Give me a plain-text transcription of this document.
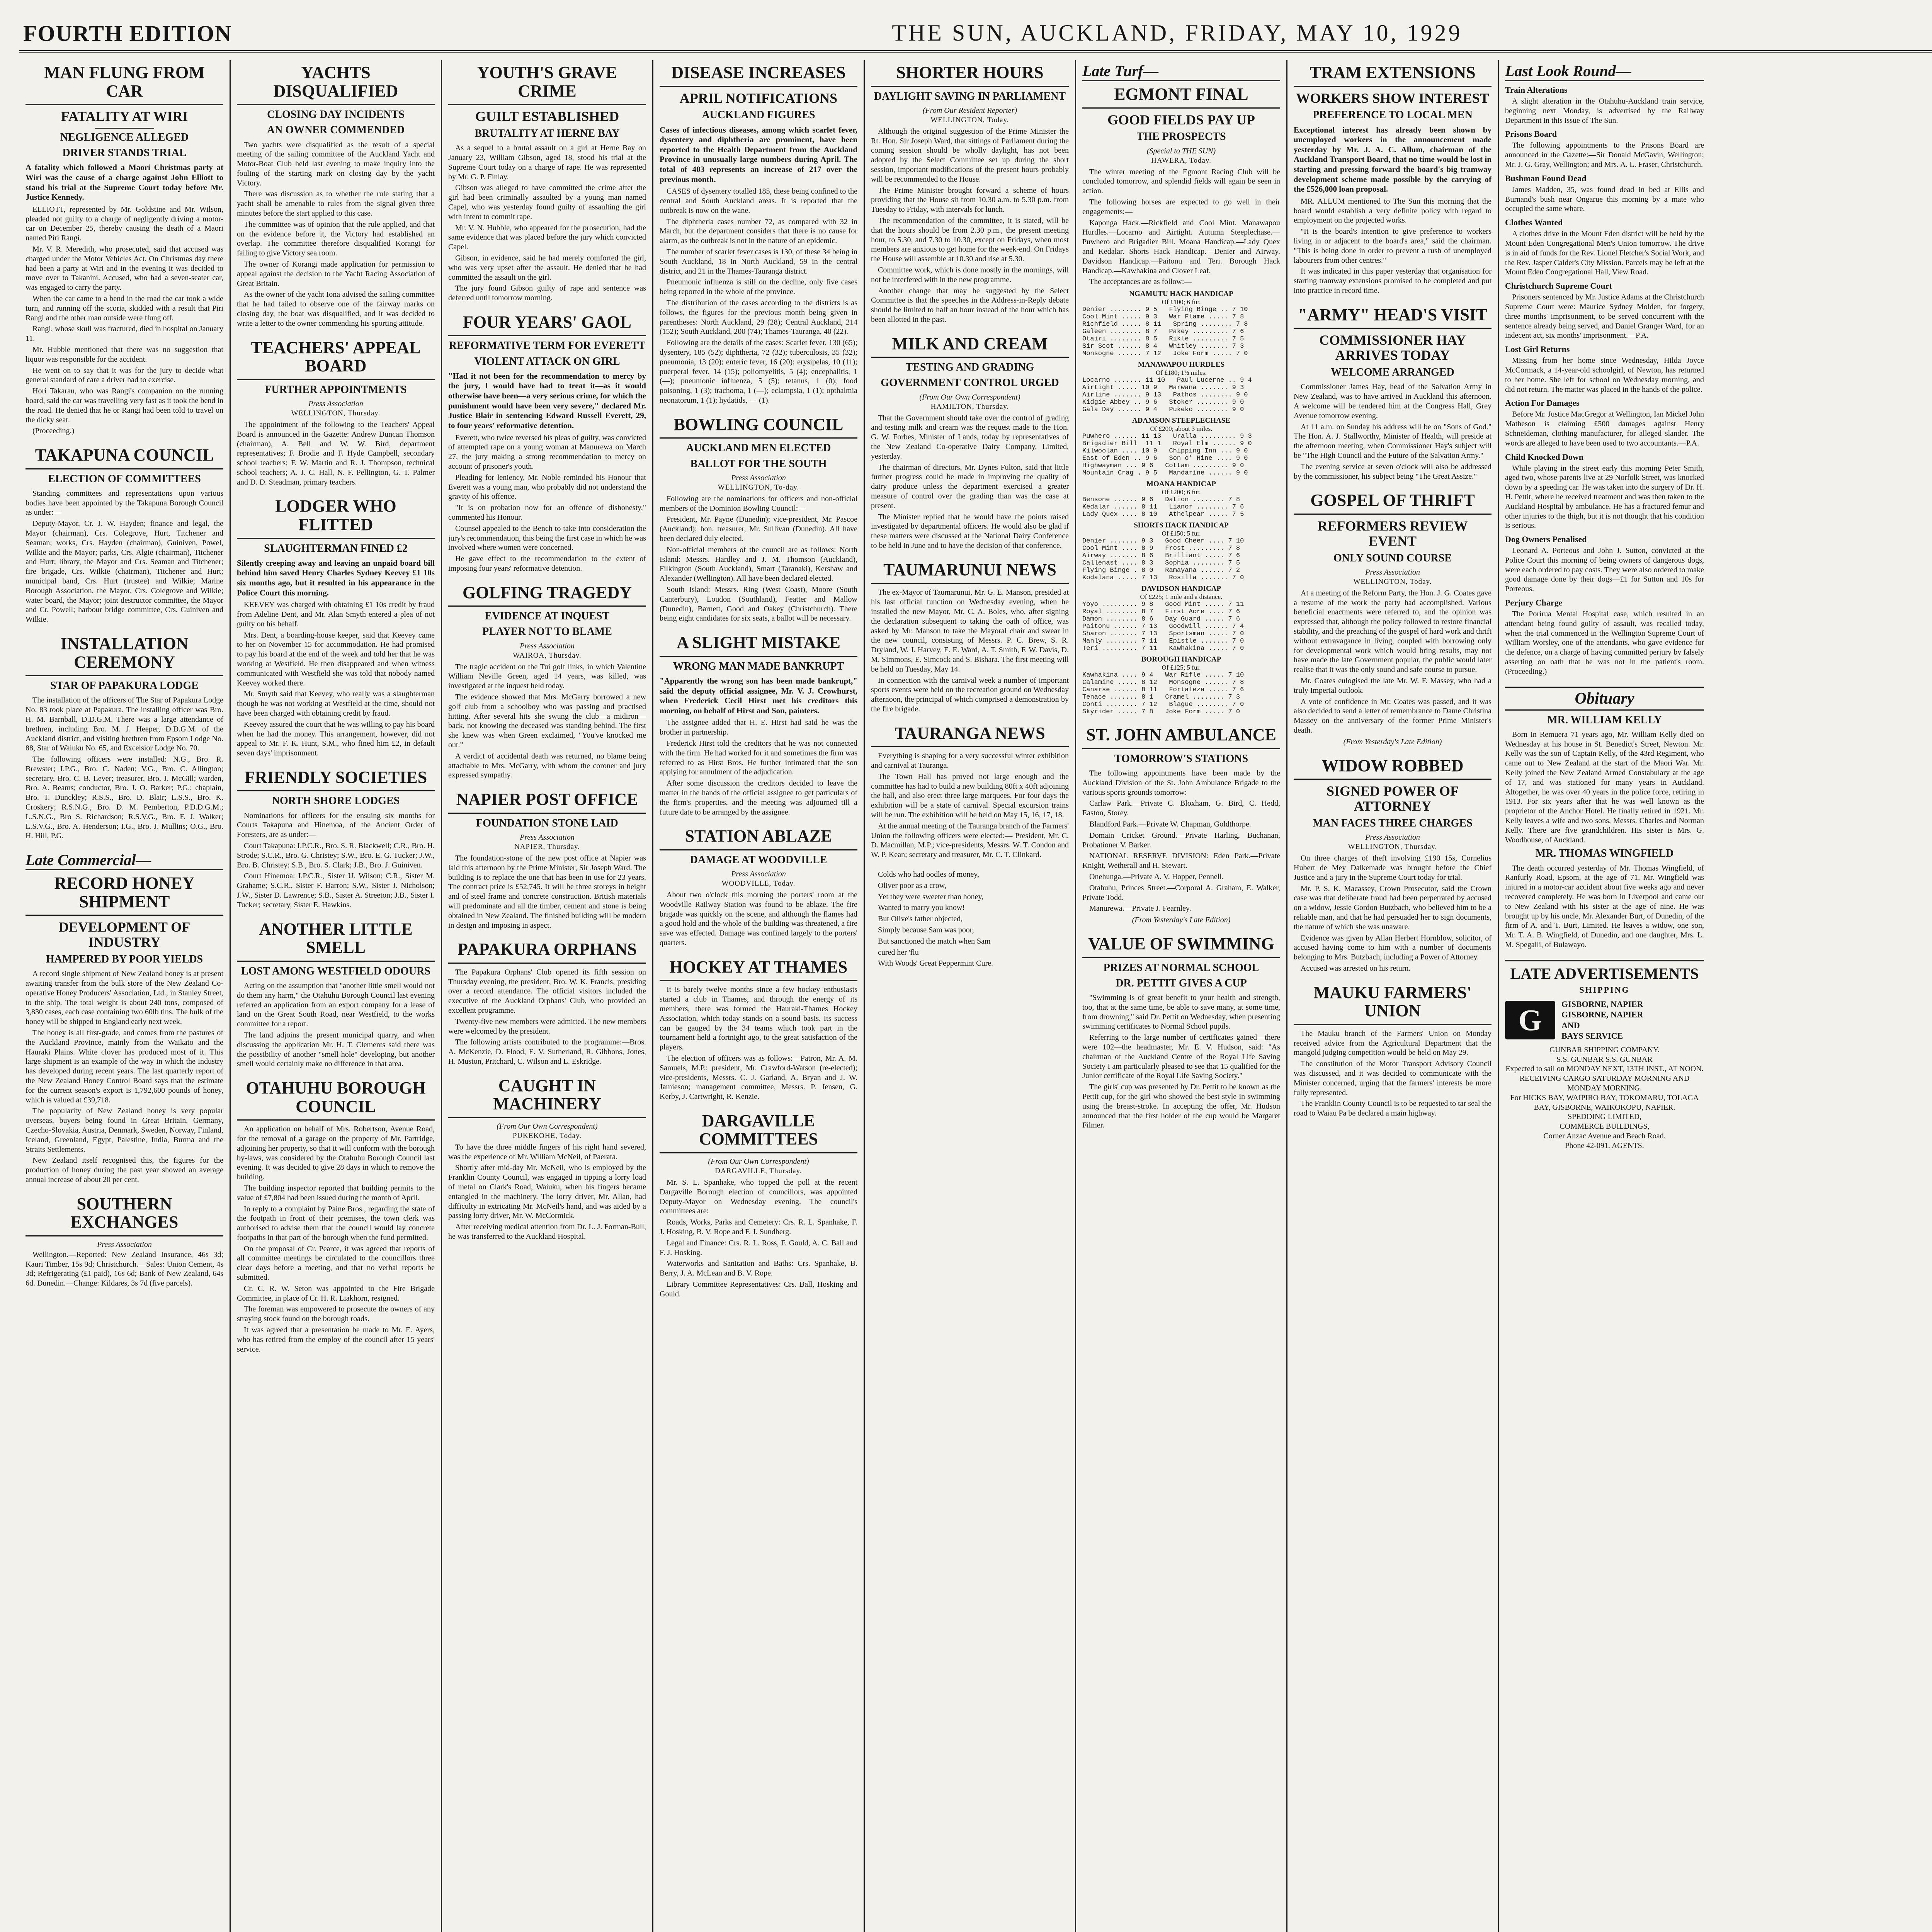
FOURTH EDITION	THE SUN, AUCKLAND, FRIDAY, MAY 10, 1929
MAN FLUNG FROM CAR
FATALITY AT WIRI
NEGLIGENCE ALLEGED
DRIVER STANDS TRIAL
A fatality which followed a Maori Christmas party at Wiri was the cause of a charge against John Elliott to stand his trial at the Supreme Court today before Mr. Justice Kennedy.

ELLIOTT, represented by Mr. Goldstine and Mr. Wilson, pleaded not guilty to a charge of negligently driving a motor-car on December 25, thereby causing the death of a Maori named Piri Rangi.

Mr. V. R. Meredith, who prosecuted, said that accused was charged under the Motor Vehicles Act. On Christmas day there had been a party at Wiri and in the evening it was decided to move over to Takanini. Accused, who had a seven-seater car, was engaged to carry the party.

When the car came to a bend in the road the car took a wide turn, and running off the scoria, skidded with a result that Piri Rangi and the other man outside were flung off.

Rangi, whose skull was fractured, died in hospital on January 11.

Mr. Hubble mentioned that there was no suggestion that liquor was responsible for the accident.

He went on to say that it was for the jury to decide what general standard of care a driver had to exercise.

Hori Takarau, who was Rangi's companion on the running board, said the car was travelling very fast as it took the bend in the road. He denied that he or Rangi had been told to travel on the dicky seat.

(Proceeding.)

TAKAPUNA COUNCIL
ELECTION OF COMMITTEES

Standing committees and representations upon various bodies have been appointed by the Takapuna Borough Council as under:—

Deputy-Mayor, Cr. J. W. Hayden; finance and legal, the Mayor (chairman), Crs. Colegrove, Hurt, Titchener and Seaman; works, Crs. Hayden (chairman), Guiniven, Powel, Wilkie and the Mayor; parks, Crs. Algie (chairman), Titchener and Hurt; library, the Mayor and Crs. Seaman and Titchener; fire brigade, Crs. Wilkie (chairman), Titchener and Hurt; municipal band, Crs. Hurt (trustee) and Wilkie; Marine Borough Association, the Mayor, Crs. Colegrove and Wilkie; water board, the Mayor; joint destructor committee, the Mayor and Cr. Powell; harbour bridge committee, Crs. Guiniven and Wilkie.

INSTALLATION CEREMONY
STAR OF PAPAKURA LODGE

The installation of the officers of The Star of Papakura Lodge No. 83 took place at Papakura. The installing officer was Bro. H. M. Barnball, D.D.G.M. There was a large attendance of brethren, including Bro. M. J. Heeper, D.D.G.M. of the Auckland district, and visiting brethren from Epsom Lodge No. 88, Star of Waiuku No. 65, and Excelsior Lodge No. 70.

The following officers were installed: N.G., Bro. R. Brewster; I.P.G., Bro. C. Naden; V.G., Bro. C. Allington; secretary, Bro. C. B. Lever; treasurer, Bro. J. McGill; warden, Bro. A. Beams; conductor, Bro. J. O. Barker; P.G.; chaplain, Bro. T. Dunckley; R.S.S., Bro. D. Blair; L.S.S., Bro. K. Croskery; R.S.N.G., Bro. D. M. Pemberton, P.D.D.G.M.; L.S.N.G., Bro S. Richardson; R.S.V.G., Bro. F. J. Walker; L.S.V.G., Bro. A. Henderson; I.G., Bro. J. Mullins; O.G., Bro. H. Hill, P.G.

Late Commercial—
RECORD HONEY SHIPMENT
DEVELOPMENT OF INDUSTRY
HAMPERED BY POOR YIELDS

A record single shipment of New Zealand honey is at present awaiting transfer from the bulk store of the New Zealand Co-operative Honey Producers' Association, Ltd., in Stanley Street, to the ship. The total weight is about 240 tons, composed of 3,830 cases, each case containing two 60lb tins. The bulk of the honey will be shipped to England early next week.

The honey is all first-grade, and comes from the pastures of the Auckland Province, mainly from the Waikato and the Hauraki Plains. White clover has produced most of it. This large shipment is an example of the way in which the industry has developed during recent years. The last quarterly report of the New Zealand Honey Control Board says that the estimate for the current season's export is 1,792,600 pounds of honey, which is valued at £39,718.

The popularity of New Zealand honey is very popular overseas, buyers being found in Great Britain, Germany, Czecho-Slovakia, Austria, Denmark, Sweden, Norway, Finland, Iceland, Greenland, Egypt, Palestine, India, Burma and the Straits Settlements.

New Zealand itself recognised this, the figures for the production of honey during the past year showed an average annual increase of about 20 per cent.

SOUTHERN EXCHANGES
Press Association

Wellington.—Reported: New Zealand Insurance, 46s 3d; Kauri Timber, 15s 9d; Christchurch.—Sales: Union Cement, 4s 3d; Refrigerating (£1 paid), 16s 6d; Bank of New Zealand, 64s 6d. Dunedin.—Change: Kildares, 3s 7d (five parcels).

YACHTS DISQUALIFIED
CLOSING DAY INCIDENTS
AN OWNER COMMENDED

Two yachts were disqualified as the result of a special meeting of the sailing committee of the Auckland Yacht and Motor-Boat Club held last evening to make inquiry into the fouling of the starting mark on closing day by the yacht Victory.

There was discussion as to whether the rule stating that a yacht shall be amenable to rules from the signal given three minutes before the start applied to this case.

The committee was of opinion that the rule applied, and that on the evidence before it, the Victory had established an overlap. The committee therefore disqualified Korangi for failing to give Victory sea room.

The owner of Korangi made application for permission to appeal against the decision to the Yacht Racing Association of Great Britain.

As the owner of the yacht Iona advised the sailing committee that he had failed to observe one of the fairway marks on closing day, the boat was disqualified, and it was decided to write a letter to the owner commending his sporting attitude.

TEACHERS' APPEAL BOARD
FURTHER APPOINTMENTS
Press Association
WELLINGTON, Thursday.

The appointment of the following to the Teachers' Appeal Board is announced in the Gazette: Andrew Duncan Thomson (chairman), A. Bell and W. W. Bird, department representatives; F. Brodie and F. Hyde Campbell, secondary school teachers; F. W. Martin and R. J. Thompson, technical school teachers; A. J. C. Hall, N. F. Pellington, G. T. Palmer and D. D. Steadman, primary teachers.

LODGER WHO FLITTED
SLAUGHTERMAN FINED £2
Silently creeping away and leaving an unpaid board bill behind him saved Henry Charles Sydney Keevey £1 10s six months ago, but it resulted in his appearance in the Police Court this morning.

KEEVEY was charged with obtaining £1 10s credit by fraud from Adeline Dent, and Mr. Alan Smyth entered a plea of not guilty on his behalf.

Mrs. Dent, a boarding-house keeper, said that Keevey came to her on November 15 for accommodation. He had promised to pay his board at the end of the week and told her that he was working at Westfield. He then disappeared and when witness communicated with Westfield she was told that nobody named Keevey worked there.

Mr. Smyth said that Keevey, who really was a slaughterman though he was not working at Westfield at the time, should not have been charged with obtaining credit by fraud.

Keevey assured the court that he was willing to pay his board when he had the money. This arrangement, however, did not appeal to Mr. F. K. Hunt, S.M., who fined him £2, in default seven days' imprisonment.

FRIENDLY SOCIETIES
NORTH SHORE LODGES

Nominations for officers for the ensuing six months for Courts Takapuna and Hinemoa, of the Ancient Order of Foresters, are as under:—

Court Takapuna: I.P.C.R., Bro. S. R. Blackwell; C.R., Bro. H. Strode; S.C.R., Bro. G. Christey; S.W., Bro. E. G. Tucker; J.W., Bro. B. Christey; S.B., Bro. S. Clark; J.B., Bro. J. Guiniven.

Court Hinemoa: I.P.C.R., Sister U. Wilson; C.R., Sister M. Grahame; S.C.R., Sister F. Barron; S.W., Sister J. Nicholson; J.W., Sister D. Lawrence; S.B., Sister A. Streeton; J.B., Sister I. Tucker; secretary, Sister E. Hawkins.

ANOTHER LITTLE SMELL
LOST AMONG WESTFIELD ODOURS

Acting on the assumption that "another little smell would not do them any harm," the Otahuhu Borough Council last evening referred an application from an export company for a lease of land on the Great South Road, near Westfield, to the works committee for a report.

The land adjoins the present municipal quarry, and when discussing the application Mr. H. T. Clements said there was the possibility of another "smell hole" developing, but another smell would certainly make no difference in that area.

OTAHUHU BOROUGH COUNCIL

An application on behalf of Mrs. Robertson, Avenue Road, for the removal of a garage on the property of Mr. Partridge, adjoining her property, so that it will conform with the borough by-laws, was considered by the Otahuhu Borough Council last evening. It was decided to give 28 days in which to remove the building.

The building inspector reported that building permits to the value of £7,804 had been issued during the month of April.

In reply to a complaint by Paine Bros., regarding the state of the footpath in front of their premises, the town clerk was authorised to advise them that the council would lay concrete footpaths in that part of the borough when the fund permitted.

On the proposal of Cr. Pearce, it was agreed that reports of all committee meetings be circulated to the councillors three clear days before a meeting, and that no verbal reports be submitted.

Cr. C. R. W. Seton was appointed to the Fire Brigade Committee, in place of Cr. H. R. Liakhorn, resigned.

The foreman was empowered to prosecute the owners of any straying stock found on the borough roads.

It was agreed that a presentation be made to Mr. E. Ayers, who has retired from the employ of the council after 15 years' service.

YOUTH'S GRAVE CRIME
GUILT ESTABLISHED
BRUTALITY AT HERNE BAY

As a sequel to a brutal assault on a girl at Herne Bay on January 23, William Gibson, aged 18, stood his trial at the Supreme Court today on a charge of rape. He was represented by Mr. G. P. Finlay.

Gibson was alleged to have committed the crime after the girl had been criminally assaulted by a young man named Capel, who was yesterday found guilty of assaulting the girl with intent to commit rape.

Mr. V. N. Hubble, who appeared for the prosecution, had the same evidence that was placed before the jury which convicted Capel.

Gibson, in evidence, said he had merely comforted the girl, who was very upset after the assault. He denied that he had committed the assault on the girl.

The jury found Gibson guilty of rape and sentence was deferred until tomorrow morning.

FOUR YEARS' GAOL
REFORMATIVE TERM FOR EVERETT
VIOLENT ATTACK ON GIRL
"Had it not been for the recommendation to mercy by the jury, I would have had to treat it—as it would otherwise have been—a very serious crime, for which the punishment would have been very severe," declared Mr. Justice Blair in sentencing Edward Russell Everett, 29, to four years' reformative detention.

Everett, who twice reversed his pleas of guilty, was convicted of attempted rape on a young woman at Manurewa on March 27, the jury making a strong recommendation to mercy on account of prisoner's youth.

Pleading for leniency, Mr. Noble reminded his Honour that Everett was a young man, who probably did not understand the gravity of his offence.

"It is on probation now for an offence of dishonesty," commented his Honour.

Counsel appealed to the Bench to take into consideration the jury's recommendation, this being the first case in which he was involved where women were concerned.

He gave effect to the recommendation to the extent of imposing four years' reformative detention.

GOLFING TRAGEDY
EVIDENCE AT INQUEST
PLAYER NOT TO BLAME
Press Association
WAIROA, Thursday.

The tragic accident on the Tui golf links, in which Valentine William Neville Green, aged 14 years, was killed, was investigated at the inquest held today.

The evidence showed that Mrs. McGarry borrowed a new golf club from a schoolboy who was passing and practised hitting. After several hits she swung the club—a midiron—back, not knowing the deceased was standing behind. The first she knew was when Green exclaimed, "You've knocked me out."

A verdict of accidental death was returned, no blame being attachable to Mrs. McGarry, with whom the coroner and jury expressed sympathy.

NAPIER POST OFFICE
FOUNDATION STONE LAID
Press Association
NAPIER, Thursday.

The foundation-stone of the new post office at Napier was laid this afternoon by the Prime Minister, Sir Joseph Ward. The building is to replace the one that has been in use for 23 years. The contract price is £52,745. It will be three storeys in height and of steel frame and concrete construction. British materials will predominate and all the timber, cement and stone is being obtained in New Zealand. The finished building will be modern in design and imposing in aspect.

PAPAKURA ORPHANS

The Papakura Orphans' Club opened its fifth session on Thursday evening, the president, Bro. W. K. Francis, presiding over a record attendance. The official visitors included the executive of the Auckland Orphans' Club, who provided an excellent programme.

Twenty-five new members were admitted. The new members were welcomed by the president.

The following artists contributed to the programme:—Bros. A. McKenzie, D. Flood, E. V. Sutherland, R. Gibbons, Jones, H. Muston, Pritchard, C. Wilson and L. Eskridge.

CAUGHT IN MACHINERY
(From Our Own Correspondent)
PUKEKOHE, Today.

To have the three middle fingers of his right hand severed, was the experience of Mr. William McNeil, of Paerata.

Shortly after mid-day Mr. McNeil, who is employed by the Franklin County Council, was engaged in tipping a lorry load of metal on Clark's Road, Waiuku, when his fingers became entangled in the machinery. The lorry driver, Mr. Allan, had difficulty in extricating Mr. McNeil's hand, and was aided by a passing lorry driver, Mr. W. McCormick.

After receiving medical attention from Dr. L. J. Forman-Bull, he was transferred to the Auckland Hospital.

DISEASE INCREASES
APRIL NOTIFICATIONS
AUCKLAND FIGURES
Cases of infectious diseases, among which scarlet fever, dysentery and diphtheria are prominent, have been reported to the Health Department from the Auckland Province in unusually large numbers during April. The total of 403 represents an increase of 217 over the previous month.

CASES of dysentery totalled 185, these being confined to the central and South Auckland areas. It is reported that the outbreak is now on the wane.

The diphtheria cases number 72, as compared with 32 in March, but the department considers that there is no cause for alarm, as the outbreak is not in the nature of an epidemic.

The number of scarlet fever cases is 130, of these 34 being in South Auckland, 18 in North Auckland, 59 in the central district, and 21 in the Thames-Tauranga district.

Pneumonic influenza is still on the decline, only five cases being reported in the whole of the province.

The distribution of the cases according to the districts is as follows, the figures for the previous month being given in parentheses: North Auckland, 29 (28); Central Auckland, 214 (152); South Auckland, 200 (74); Thames-Tauranga, 40 (22).

Following are the details of the cases: Scarlet fever, 130 (65); dysentery, 185 (52); diphtheria, 72 (32); tuberculosis, 35 (32); pneumonia, 13 (20); enteric fever, 16 (20); erysipelas, 10 (11); puerperal fever, 14 (15); poliomyelitis, 5 (4); encephalitis, 1 (—); pneumonic influenza, 5 (5); tetanus, 1 (0); food poisoning, 1 (3); trachoma, 1 (—); eclampsia, 1 (1); opthalmia neonatorum, 1 (1); hydatids, — (1).

BOWLING COUNCIL
AUCKLAND MEN ELECTED
BALLOT FOR THE SOUTH
Press Association
WELLINGTON, To-day.

Following are the nominations for officers and non-official members of the Dominion Bowling Council:—

President, Mr. Payne (Dunedin); vice-president, Mr. Pascoe (Auckland); hon. treasurer, Mr. Sullivan (Dunedin). All have been declared duly elected.

Non-official members of the council are as follows: North Island: Messrs. Hardley and J. M. Thomson (Auckland), Filkington (South Auckland), Smart (Taranaki), Kershaw and Alexander (Wellington). All have been declared elected.

South Island: Messrs. Ring (West Coast), Moore (South Canterbury), Loudon (Southland), Featter and Mallow (Dunedin), Barnett, Good and Oakey (Christchurch). There being eight candidates for six seats, a ballot will be necessary.

A SLIGHT MISTAKE
WRONG MAN MADE BANKRUPT
"Apparently the wrong son has been made bankrupt," said the deputy official assignee, Mr. V. J. Crowhurst, when Frederick Cecil Hirst met his creditors this morning, on behalf of Hirst and Son, painters.

The assignee added that H. E. Hirst had said he was the brother in partnership.

Frederick Hirst told the creditors that he was not connected with the firm. He had worked for it and sometimes the firm was referred to as Hirst Bros. He further intimated that the son applying for annulment of the adjudication.

After some discussion the creditors decided to leave the matter in the hands of the official assignee to get particulars of the firm's properties, and the meeting was adjourned till a future date to be arranged by the assignee.

STATION ABLAZE
DAMAGE AT WOODVILLE
Press Association
WOODVILLE, Today.

About two o'clock this morning the porters' room at the Woodville Railway Station was found to be ablaze. The fire brigade was quickly on the scene, and although the flames had a good hold and the whole of the building was threatened, a fire save was effected. Damage was confined largely to the porters' quarters.

HOCKEY AT THAMES

It is barely twelve months since a few hockey enthusiasts started a club in Thames, and through the energy of its members, there was formed the Hauraki-Thames Hockey Association, which today stands on a sound basis. Its success can be gauged by the 34 teams which took part in the tournament held a fortnight ago, to the great satisfaction of the players.

The election of officers was as follows:—Patron, Mr. A. M. Samuels, M.P.; president, Mr. Crawford-Watson (re-elected); vice-presidents, Messrs. C. J. Garland, A. Bryan and J. W. Jamieson; management committee, Messrs. P. Jensen, G. Kerby, J. Cartwright, R. Kenzie.

DARGAVILLE COMMITTEES
(From Our Own Correspondent)
DARGAVILLE, Thursday.

Mr. S. L. Spanhake, who topped the poll at the recent Dargaville Borough election of councillors, was appointed Deputy-Mayor on Wednesday evening. The council's committees are:

Roads, Works, Parks and Cemetery: Crs. R. L. Spanhake, F. J. Hosking, B. V. Rope and F. J. Sundberg.

Legal and Finance: Crs. R. L. Ross, F. Gould, A. C. Ball and F. J. Hosking.

Waterworks and Sanitation and Baths: Crs. Spanhake, B. Berry, J. A. McLean and B. V. Rope.

Library Committee Representatives: Crs. Ball, Hosking and Gould.

SHORTER HOURS
DAYLIGHT SAVING IN PARLIAMENT
(From Our Resident Reporter)
WELLINGTON, Today.

Although the original suggestion of the Prime Minister the Rt. Hon. Sir Joseph Ward, that sittings of Parliament during the coming session should be wholly daylight, has not been adopted by the Select Committee set up during the short session, important modifications of the present hours probably will be recommended to the House.

The Prime Minister brought forward a scheme of hours providing that the House sit from 10.30 a.m. to 5.30 p.m. from Tuesday to Friday, with intervals for lunch.

The recommendation of the committee, it is stated, will be that the hours should be from 2.30 p.m., the present meeting hour, to 5.30, and 7.30 to 10.30, except on Fridays, when most members are anxious to get home for the week-end. On Fridays the House will assemble at 10.30 and rise at 5.30.

Committee work, which is done mostly in the mornings, will not be interfered with in the new programme.

Another change that may be suggested by the Select Committee is that the speeches in the Address-in-Reply debate should be limited to half an hour instead of the hour which has been allotted in the past.

MILK AND CREAM
TESTING AND GRADING
GOVERNMENT CONTROL URGED
(From Our Own Correspondent)
HAMILTON, Thursday.

That the Government should take over the control of grading and testing milk and cream was the request made to the Hon. G. W. Forbes, Minister of Lands, today by representatives of the New Zealand Co-operative Dairy Company, Limited, yesterday.

The chairman of directors, Mr. Dynes Fulton, said that little further progress could be made in improving the quality of dairy produce unless the department exercised a greater measure of control over the grading than was the case at present.

The Minister replied that he would have the points raised investigated by departmental officers. He would also be glad if these matters were discussed at the National Dairy Conference to be held in June and to have the decision of that conference.

TAUMARUNUI NEWS

The ex-Mayor of Taumarunui, Mr. G. E. Manson, presided at his last official function on Wednesday evening, when he installed the new Mayor, Mr. C. A. Boles, who, after signing the declaration subsequent to taking the oath of office, was asked by Mr. Manson to take the Mayoral chair and swear in the new council, consisting of Messrs. P. C. Brew, S. R. Dryland, W. J. Harvey, E. E. Ward, A. T. Smith, F. W. Davis, D. M. Simmons, E. Simcock and S. Bishara. The first meeting will be held on Tuesday, May 14.

In connection with the carnival week a number of important sports events were held on the recreation ground on Wednesday afternoon, the principal of which comprised a demonstration by the fire brigade.

TAURANGA NEWS

Everything is shaping for a very successful winter exhibition and carnival at Tauranga.

The Town Hall has proved not large enough and the committee has had to build a new building 80ft x 40ft adjoining the hall, and also erect three large marquees. For four days the exhibition will be a state of carnival. Special excursion trains will be run. The exhibition will be held on May 15, 16, 17, 18.

At the annual meeting of the Tauranga branch of the Farmers' Union the following officers were elected:— President, Mr. C. D. Macmillan, M.P.; vice-presidents, Messrs. W. T. Condon and W. P. Kean; secretary and treasurer, Mr. C. T. Clinkard.

Colds who had oodles of money,

Oliver poor as a crow,

Yet they were sweeter than honey,

Wanted to marry you know!

But Olive's father objected,

Simply because Sam was poor,

But sanctioned the match when Sam

cured her 'flu

With Woods' Great Peppermint Cure.

Late Turf—
EGMONT FINAL
GOOD FIELDS PAY UP
THE PROSPECTS
(Special to THE SUN)
HAWERA, Today.

The winter meeting of the Egmont Racing Club will be concluded tomorrow, and splendid fields will again be seen in action.

The following horses are expected to go well in their engagements:—

Kaponga Hack.—Rickfield and Cool Mint. Manawapou Hurdles.—Locarno and Airtight. Autumn Steeplechase.—Puwhero and Brigadier Bill. Moana Handicap.—Lady Quex and Kedalar. Shorts Hack Handicap.—Denier and Airway. Davidson Handicap.—Paitonu and Teri. Borough Hack Handicap.—Kawhakina and Clover Leaf.

The acceptances are as follow:—

NGAMUTU HACK HANDICAP
Of £100; 6 fur.
Denier ........ 9 5   Flying Binge .. 7 10
Cool Mint ..... 9 3   War Flame ..... 7 8
Richfield ..... 8 11   Spring ........ 7 8
Galeen ........ 8 7   Pakey ......... 7 6
Otairi ........ 8 5   Rikle ......... 7 5
Sir Scot ...... 8 4   Whitley ....... 7 3
Monsogne ...... 7 12   Joke Form ..... 7 0
MANAWAPOU HURDLES
Of £180; 1½ miles.
Locarno ....... 11 10   Paul Lucerne .. 9 4
Airtight ..... 10 9   Marwana ....... 9 3
Airline ....... 9 13   Pathos ........ 9 0
Kidgie Abbey .. 9 6   Stoker ........ 9 0
Gala Day ...... 9 4   Pukeko ........ 9 0
ADAMSON STEEPLECHASE
Of £200; about 3 miles.
Puwhero ...... 11 13   Uralla ......... 9 3
Brigadier Bill  11 1   Royal Elm ...... 9 0
Kilwoolan .... 10 9   Chipping Inn ... 9 0
East of Eden .. 9 6   Son o' Hine .... 9 0
Highwayman ... 9 6   Cottam ......... 9 0
Mountain Crag . 9 5   Mandarine ...... 9 0
MOANA HANDICAP
Of £200; 6 fur.
Bensone ...... 9 6   Dation ........ 7 8
Kedalar ...... 8 11   Lianor ........ 7 6
Lady Quex .... 8 10   Athelpear ..... 7 5
SHORTS HACK HANDICAP
Of £150; 5 fur.
Denier ....... 9 3   Good Cheer .... 7 10
Cool Mint .... 8 9   Frost ......... 7 8
Airway ....... 8 6   Brilliant ..... 7 6
Callenast .... 8 3   Sophia ........ 7 5
Flying Binge . 8 0   Ramayana ...... 7 2
Kodalana ..... 7 13   Rosilla ....... 7 0
DAVIDSON HANDICAP
Of £225; 1 mile and a distance.
Yoyo ......... 9 8   Good Mint ..... 7 11
Royal ........ 8 7   First Acre .... 7 6
Damon ........ 8 6   Day Guard ..... 7 6
Paitonu ...... 7 13   Goodwill ...... 7 4
Sharon ....... 7 13   Sportsman ..... 7 0
Manly ........ 7 11   Epistle ....... 7 0
Teri ......... 7 11   Kawhakina ..... 7 0
BOROUGH HANDICAP
Of £125; 5 fur.
Kawhakina .... 9 4   War Rifle ..... 7 10
Calamine ..... 8 12   Monsogne ...... 7 8
Canarse ...... 8 11   Fortaleza ..... 7 6
Tenace ....... 8 1   Cramel ........ 7 3
Conti ........ 7 12   Blague ........ 7 0
Skyrider ..... 7 8   Joke Form ..... 7 0
ST. JOHN AMBULANCE
TOMORROW'S STATIONS

The following appointments have been made by the Auckland Division of the St. John Ambulance Brigade to the various sports grounds tomorrow:

Carlaw Park.—Private C. Bloxham, G. Bird, C. Hedd, Easton, Storey.

Blandford Park.—Private W. Chapman, Goldthorpe.

Domain Cricket Ground.—Private Harling, Buchanan, Probationer V. Barker.

NATIONAL RESERVE DIVISION: Eden Park.—Private Knight, Wetherall and H. Stewart.

Onehunga.—Private A. V. Hopper, Pennell.

Otahuhu, Princes Street.—Corporal A. Graham, E. Walker, Private Todd.

Manurewa.—Private J. Fearnley.

(From Yesterday's Late Edition)
VALUE OF SWIMMING
PRIZES AT NORMAL SCHOOL
DR. PETTIT GIVES A CUP

"Swimming is of great benefit to your health and strength, too, that at the same time, be able to save many, at some time, from drowning," said Dr. Pettit on Wednesday, when presenting swimming certificates to Normal School pupils.

Referring to the large number of certificates gained—there were 102—the headmaster, Mr. E. V. Hudson, said: "As chairman of the Auckland Centre of the Royal Life Saving Society I am particularly pleased to see that 15 qualified for the Junior certificate of the Royal Life Saving Society."

The girls' cup was presented by Dr. Pettit to be known as the Pettit cup, for the girl who showed the best style in swimming using the breast-stroke. In accepting the offer, Mr. Hudson announced that the first holder of the cup would be Margaret Filmer.

TRAM EXTENSIONS
WORKERS SHOW INTEREST
PREFERENCE TO LOCAL MEN
Exceptional interest has already been shown by unemployed workers in the announcement made yesterday by Mr. J. A. C. Allum, chairman of the Auckland Transport Board, that no time would be lost in starting and pressing forward the board's big tramway development scheme made possible by the carrying of the £526,000 loan proposal.

MR. ALLUM mentioned to The Sun this morning that the board would establish a very definite policy with regard to employment on the projected works.

"It is the board's intention to give preference to workers living in or adjacent to the board's area," said the chairman. "This is being done in order to prevent a rush of unemployed labourers from other centres."

It was indicated in this paper yesterday that organisation for starting tramway extensions promised to be completed and put into practice in record time.

"ARMY" HEAD'S VISIT
COMMISSIONER HAY ARRIVES TODAY
WELCOME ARRANGED

Commissioner James Hay, head of the Salvation Army in New Zealand, was to have arrived in Auckland this afternoon. A welcome will be tendered him at the Congress Hall, Grey Avenue tomorrow evening.

At 11 a.m. on Sunday his address will be on "Sons of God." The Hon. A. J. Stallworthy, Minister of Health, will preside at the afternoon meeting, when Commissioner Hay's subject will be "The High Council and the Future of the Salvation Army."

The evening service at seven o'clock will also be addressed by the commissioner, his subject being "The Great Assize."

GOSPEL OF THRIFT
REFORMERS REVIEW EVENT
ONLY SOUND COURSE
Press Association
WELLINGTON, Today.

At a meeting of the Reform Party, the Hon. J. G. Coates gave a resume of the work the party had accomplished. Various beneficial enactments were referred to, and the opinion was expressed that, although the policy followed to restore financial stability, and the preaching of the gospel of hard work and thrift without extravagance in living, coupled with borrowing only for developmental work which would bring results, may not have made the late Government popular, the public would later realise that it was the only sound and safe course to pursue.

Mr. Coates eulogised the late Mr. W. F. Massey, who had a truly Imperial outlook.

A vote of confidence in Mr. Coates was passed, and it was also decided to send a letter of remembrance to Dame Christina Massey on the anniversary of the former Prime Minister's death.

(From Yesterday's Late Edition)
WIDOW ROBBED
SIGNED POWER OF ATTORNEY
MAN FACES THREE CHARGES
Press Association
WELLINGTON, Thursday.

On three charges of theft involving £190 15s, Cornelius Hubert de Mey Dalkemade was brought before the Chief Justice and a jury in the Supreme Court today for trial.

Mr. P. S. K. Macassey, Crown Prosecutor, said the Crown case was that deliberate fraud had been perpetrated by accused on a widow, Jessie Gordon Butzbach, who believed him to be a reliable man, and that he had persuaded her to sign documents, the nature of which she was unaware.

Evidence was given by Allan Herbert Hornblow, solicitor, of accused having come to him with a number of documents belonging to Mrs. Butzbach, including a Power of Attorney.

Accused was arrested on his return.

MAUKU FARMERS' UNION

The Mauku branch of the Farmers' Union on Monday received advice from the Agricultural Department that the mangold judging competition would be held on May 29.

The constitution of the Motor Transport Advisory Council was discussed, and it was decided to communicate with the Minister concerned, urging that the farmers' interests be more fully represented.

The Franklin County Council is to be requested to tar seal the road to Waiau Pa be declared a main highway.

Last Look Round—
Train Alterations

A slight alteration in the Otahuhu-Auckland train service, beginning next Monday, is advertised by the Railway Department in this issue of The Sun.

Prisons Board

The following appointments to the Prisons Board are announced in the Gazette:—Sir Donald McGavin, Wellington; Mr. J. G. Gray, Wellington; and Mrs. A. L. Fraser, Christchurch.

Bushman Found Dead

James Madden, 35, was found dead in bed at Ellis and Burnand's bush near Ongarue this morning by a mate who occupied the same whare.

Clothes Wanted

A clothes drive in the Mount Eden district will be held by the Mount Eden Congregational Men's Union tomorrow. The drive is in aid of funds for the Rev. Lionel Fletcher's Social Work, and the Rev. Jasper Calder's City Mission. Parcels may be left at the Mount Eden Congregational Hall, View Road.

Christchurch Supreme Court

Prisoners sentenced by Mr. Justice Adams at the Christchurch Supreme Court were: Maurice Sydney Molden, for forgery, three months' imprisonment, to be served concurrent with the sentence already being served, and Daniel Granger Ward, for an indecent act, six months' imprisonment.—P.A.

Lost Girl Returns

Missing from her home since Wednesday, Hilda Joyce McCormack, a 14-year-old schoolgirl, of Newton, has returned to her home. She left for school on Wednesday morning, and did not return. The matter was placed in the hands of the police.

Action For Damages

Before Mr. Justice MacGregor at Wellington, Ian Mickel John Matheson is claiming £500 damages against Henry Schneideman, clothing manufacturer, for alleged slander. The words are alleged to have been used to two accountants.—P.A.

Child Knocked Down

While playing in the street early this morning Peter Smith, aged two, whose parents live at 29 Norfolk Street, was knocked down by a speeding car. He was taken into the surgery of Dr. H. H. Pettit, where he received treatment and was then taken to the Auckland Hospital by ambulance. He has a fractured femur and other injuries to the thigh, but it is not thought that his condition is serious.

Dog Owners Penalised

Leonard A. Porteous and John J. Sutton, convicted at the Police Court this morning of being owners of dangerous dogs, were each ordered to pay costs. They were also ordered to make good damage done by their dogs—£1 for Sutton and 10s for Porteous.

Perjury Charge

The Porirua Mental Hospital case, which resulted in an attendant being found guilty of assault, was recalled today, when the trial commenced in the Wellington Supreme Court of William Worsley, one of the attendants, who gave evidence for the defence, on a charge of having committed perjury by falsely asserting on oath that he was not in the patient's room. (Proceeding.)

Obituary
MR. WILLIAM KELLY

Born in Remuera 71 years ago, Mr. William Kelly died on Wednesday at his house in St. Benedict's Street, Newton. Mr. Kelly was the son of Captain Kelly, of the 43rd Regiment, who came out to New Zealand at the start of the Maori War. Mr. Kelly joined the New Zealand Armed Constabulary at the age of 17, and was stationed for many years in Auckland. Altogether, he was over 40 years in the police force, retiring in 1913. For six years after that he was well known as the proprietor of the Anchor Hotel. He finally retired in 1921. Mr. Kelly leaves a wife and two sons, Messrs. Charles and Norman Kelly. There are five grandchildren. His sister is Mrs. G. Woodhouse, of Auckland.

MR. THOMAS WINGFIELD

The death occurred yesterday of Mr. Thomas Wingfield, of Ranfurly Road, Epsom, at the age of 71. Mr. Wingfield was injured in a motor-car accident about five weeks ago and never recovered completely. He was born in Liverpool and came out to New Zealand with his sister at the age of nine. He was brought up by his uncle, Mr. Alexander Burt, of Dunedin, of the firm of A. and T. Burt, Limited. He leaves a widow, one son, Mr. T. A. B. Wingfield, of Dunedin, and one daughter, Mrs. L. M. Spegalli, of Bulawayo.

LATE ADVERTISEMENTS
SHIPPING
G	GISBORNE, NAPIER
GISBORNE, NAPIER
AND
BAYS SERVICE
GUNBAR SHIPPING COMPANY.
S.S. GUNBAR S.S. GUNBAR
Expected to sail on MONDAY NEXT, 13TH INST., AT NOON.
RECEIVING CARGO SATURDAY MORNING AND MONDAY MORNING.
For HICKS BAY, WAIPIRO BAY, TOKOMARU, TOLAGA BAY, GISBORNE, WAIKOKOPU, NAPIER.
SPEDDING LIMITED,
COMMERCE BUILDINGS,
Corner Anzac Avenue and Beach Road.
Phone 42-091. AGENTS.
